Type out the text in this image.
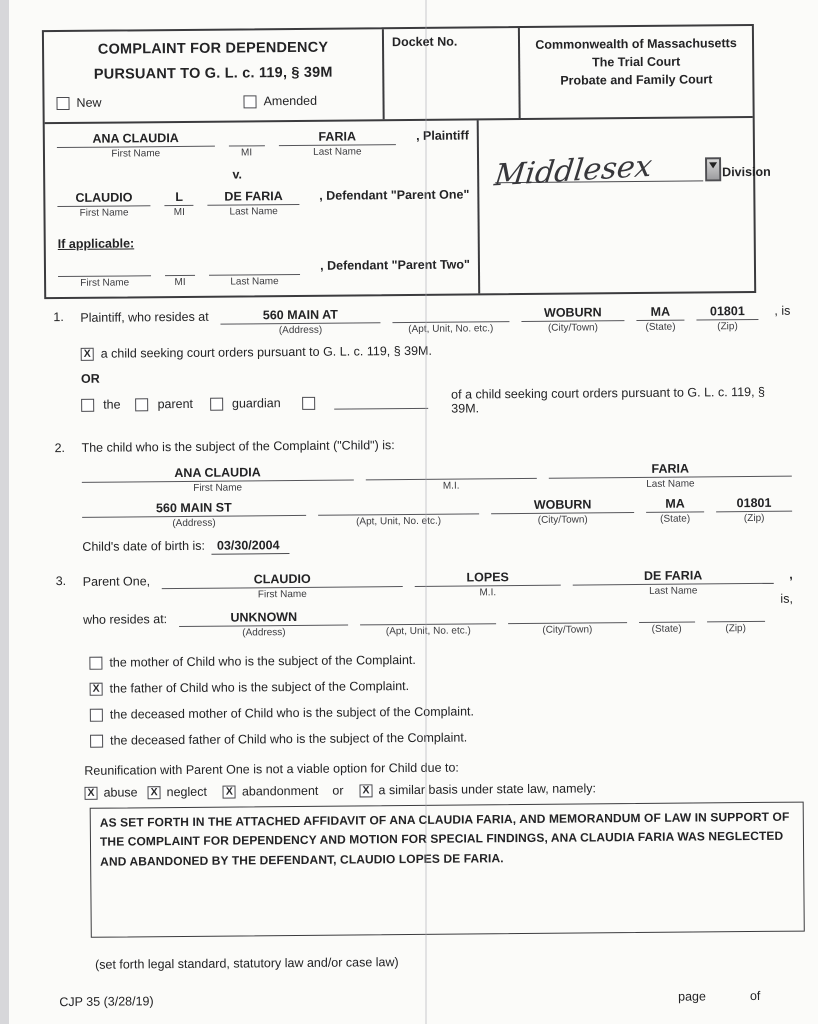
COMPLAINT FOR DEPENDENCY
PURSUANT TO G. L. c. 119, § 39M
New	Amended
Docket No.	Commonwealth of Massachusetts
The Trial Court
Probate and Family Court
ANA CLAUDIA
First Name	MI
FARIA
Last Name
, Plaintiff
v.
CLAUDIO
First Name
L
MI
DE FARIA
Last Name
, Defendant "Parent One"
If applicable:
First Name	MI	Last Name
, Defendant "Parent Two"
Middlesex	Division
1.	Plaintiff, who resides at	560 MAIN AT
(Address)	(Apt, Unit, No. etc.)
WOBURN
(City/Town)
MA
(State)
01801
(Zip)
, is
X a child seeking court orders pursuant to G. L. c. 119, § 39M.
OR
the	parent	guardian
of a child seeking court orders pursuant to G. L. c. 119, § 39M.
2.	The child who is the subject of the Complaint ("Child") is:
ANA CLAUDIA
First Name	M.I.
FARIA
Last Name
560 MAIN ST
(Address)	(Apt, Unit, No. etc.)
WOBURN
(City/Town)
MA
(State)
01801
(Zip)
Child's date of birth is: 03/30/2004
3.	Parent One,	CLAUDIO
First Name
LOPES
M.I.
DE FARIA
Last Name
,
who resides at:	UNKNOWN
(Address)	(Apt, Unit, No. etc.)	(City/Town)	(State)	(Zip)
is,
the mother of Child who is the subject of the Complaint.
X the father of Child who is the subject of the Complaint.
the deceased mother of Child who is the subject of the Complaint.
the deceased father of Child who is the subject of the Complaint.
Reunification with Parent One is not a viable option for Child due to:
X abuse X neglect X abandonment or X a similar basis under state law, namely:
AS SET FORTH IN THE ATTACHED AFFIDAVIT OF ANA CLAUDIA FARIA, AND MEMORANDUM OF LAW IN SUPPORT OF THE COMPLAINT FOR DEPENDENCY AND MOTION FOR SPECIAL FINDINGS, ANA CLAUDIA FARIA WAS NEGLECTED AND ABANDONED BY THE DEFENDANT, CLAUDIO LOPES DE FARIA.
(set forth legal standard, statutory law and/or case law)
CJP 35 (3/28/19)	page	of
